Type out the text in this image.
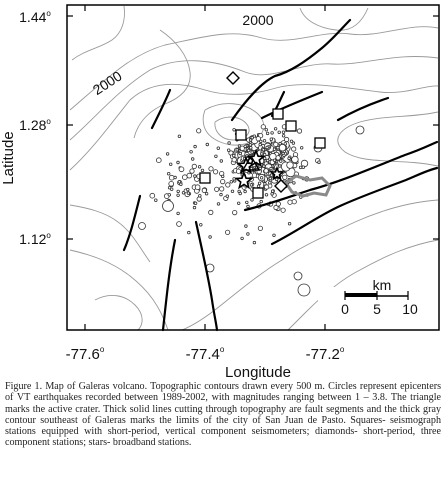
2000
2000
km
0 5 10
1.44$^o$
1.28$^o$
1.12$^o$
Latitude
-77.6$^o$	-77.4$^o$	-77.2$^o$
Longitude
Figure 1. Map of Galeras volcano. Topographic contours drawn every 500 m. Circles represent epicenters of VT earthquakes recorded between 1989-2002, with magnitudes ranging between 1 – 3.8. The triangle marks the active crater. Thick solid lines cutting through topography are fault segments and the thick gray contour southeast of Galeras marks the limits of the city of San Juan de Pasto. Squares- seismograph stations equipped with short-period, vertical component seismometers; diamonds- short-period, three component stations; stars- broadband stations.
